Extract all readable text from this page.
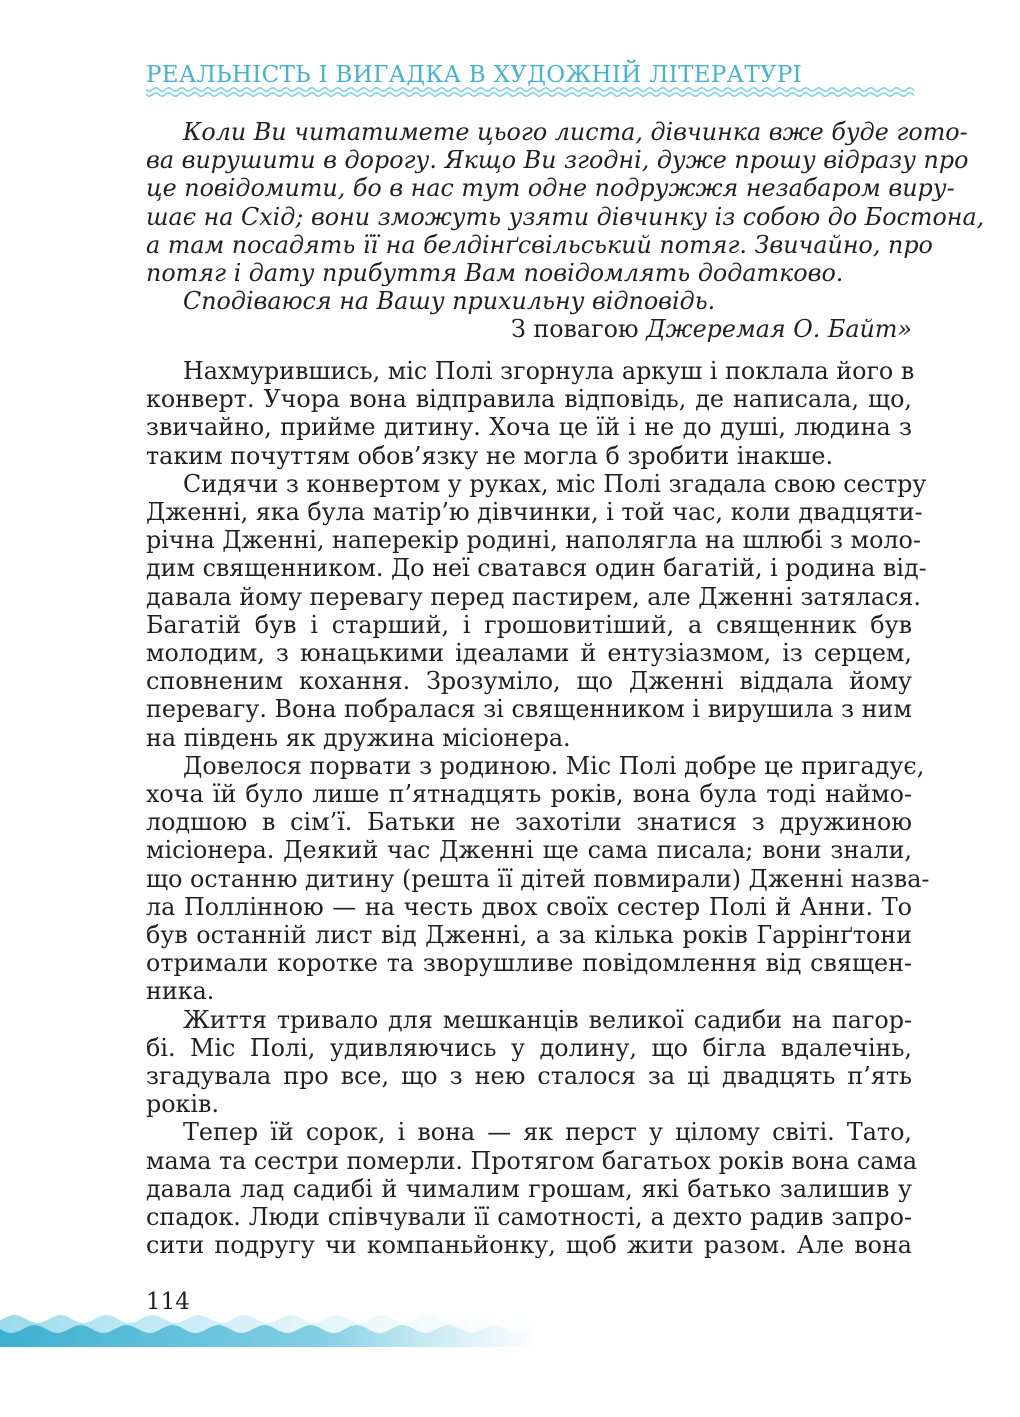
РЕАЛЬНІСТЬ І ВИГАДКА В ХУДОЖНІЙ ЛІТЕРАТУРІ

Коли Ви читатимете цього листа, дівчинка вже буде гото-

ва вирушити в дорогу. Якщо Ви згодні, дуже прошу відразу про

це повідомити, бо в нас тут одне подружжя незабаром виру-

шає на Схід; вони зможуть узяти дівчинку із собою до Бостона,

а там посадять її на белдінґсвільський потяг. Звичайно, про

потяг і дату прибуття Вам повідомлять додатково.

Сподіваюся на Вашу прихильну відповідь.

З повагою Джеремая О. Байт»

Нахмурившись, міс Полі згорнула аркуш і поклала його в

конверт. Учора вона відправила відповідь, де написала, що,

звичайно, прийме дитину. Хоча це їй і не до душі, людина з

таким почуттям обов’язку не могла б зробити інакше.

Сидячи з конвертом у руках, міс Полі згадала свою сестру

Дженні, яка була матір’ю дівчинки, і той час, коли двадцяти-

річна Дженні, наперекір родині, наполягла на шлюбі з моло-

дим священником. До неї сватався один багатій, і родина від-

давала йому перевагу перед пастирем, але Дженні затялася.

Багатій був і старший, і грошовитіший, а священник був

молодим, з юнацькими ідеалами й ентузіазмом, із серцем,

сповненим кохання. Зрозуміло, що Дженні віддала йому

перевагу. Вона побралася зі священником і вирушила з ним

на південь як дружина місіонера.

Довелося порвати з родиною. Міс Полі добре це пригадує,

хоча їй було лише п’ятнадцять років, вона була тоді наймо-

лодшою в сім’ї. Батьки не захотіли знатися з дружиною

місіонера. Деякий час Дженні ще сама писала; вони знали,

що останню дитину (решта її дітей повмирали) Дженні назва-

ла Поллінною — на честь двох своїх сестер Полі й Анни. То

був останній лист від Дженні, а за кілька років Гаррінґтони

отримали коротке та зворушливе повідомлення від священ-

ника.

Життя тривало для мешканців великої садиби на пагор-

бі. Міс Полі, удивляючись у долину, що бігла вдалечінь,

згадувала про все, що з нею сталося за ці двадцять п’ять

років.

Тепер їй сорок, і вона — як перст у цілому світі. Тато,

мама та сестри померли. Протягом багатьох років вона сама

давала лад садибі й чималим грошам, які батько залишив у

спадок. Люди співчували її самотності, а дехто радив запро-

сити подругу чи компаньйонку, щоб жити разом. Але вона

114
